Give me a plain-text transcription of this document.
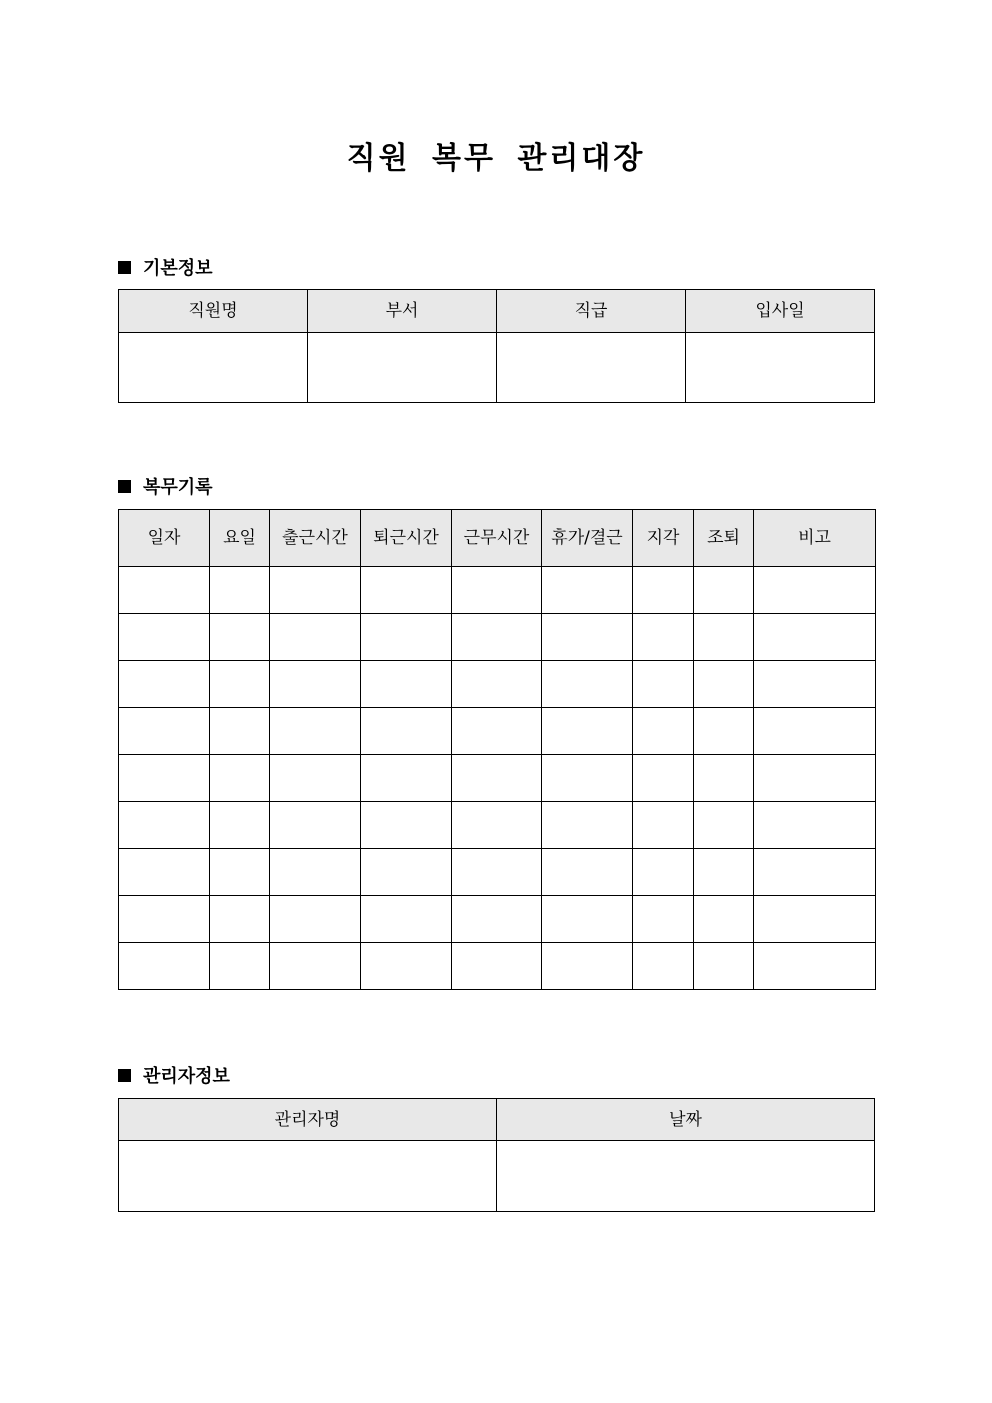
직원 복무 관리대장
기본정보
직원명	부서	직급	입사일

복무기록
일자	요일	출근시간	퇴근시간	근무시간	휴가/결근	지각	조퇴	비고

관리자정보
관리자명	날짜
